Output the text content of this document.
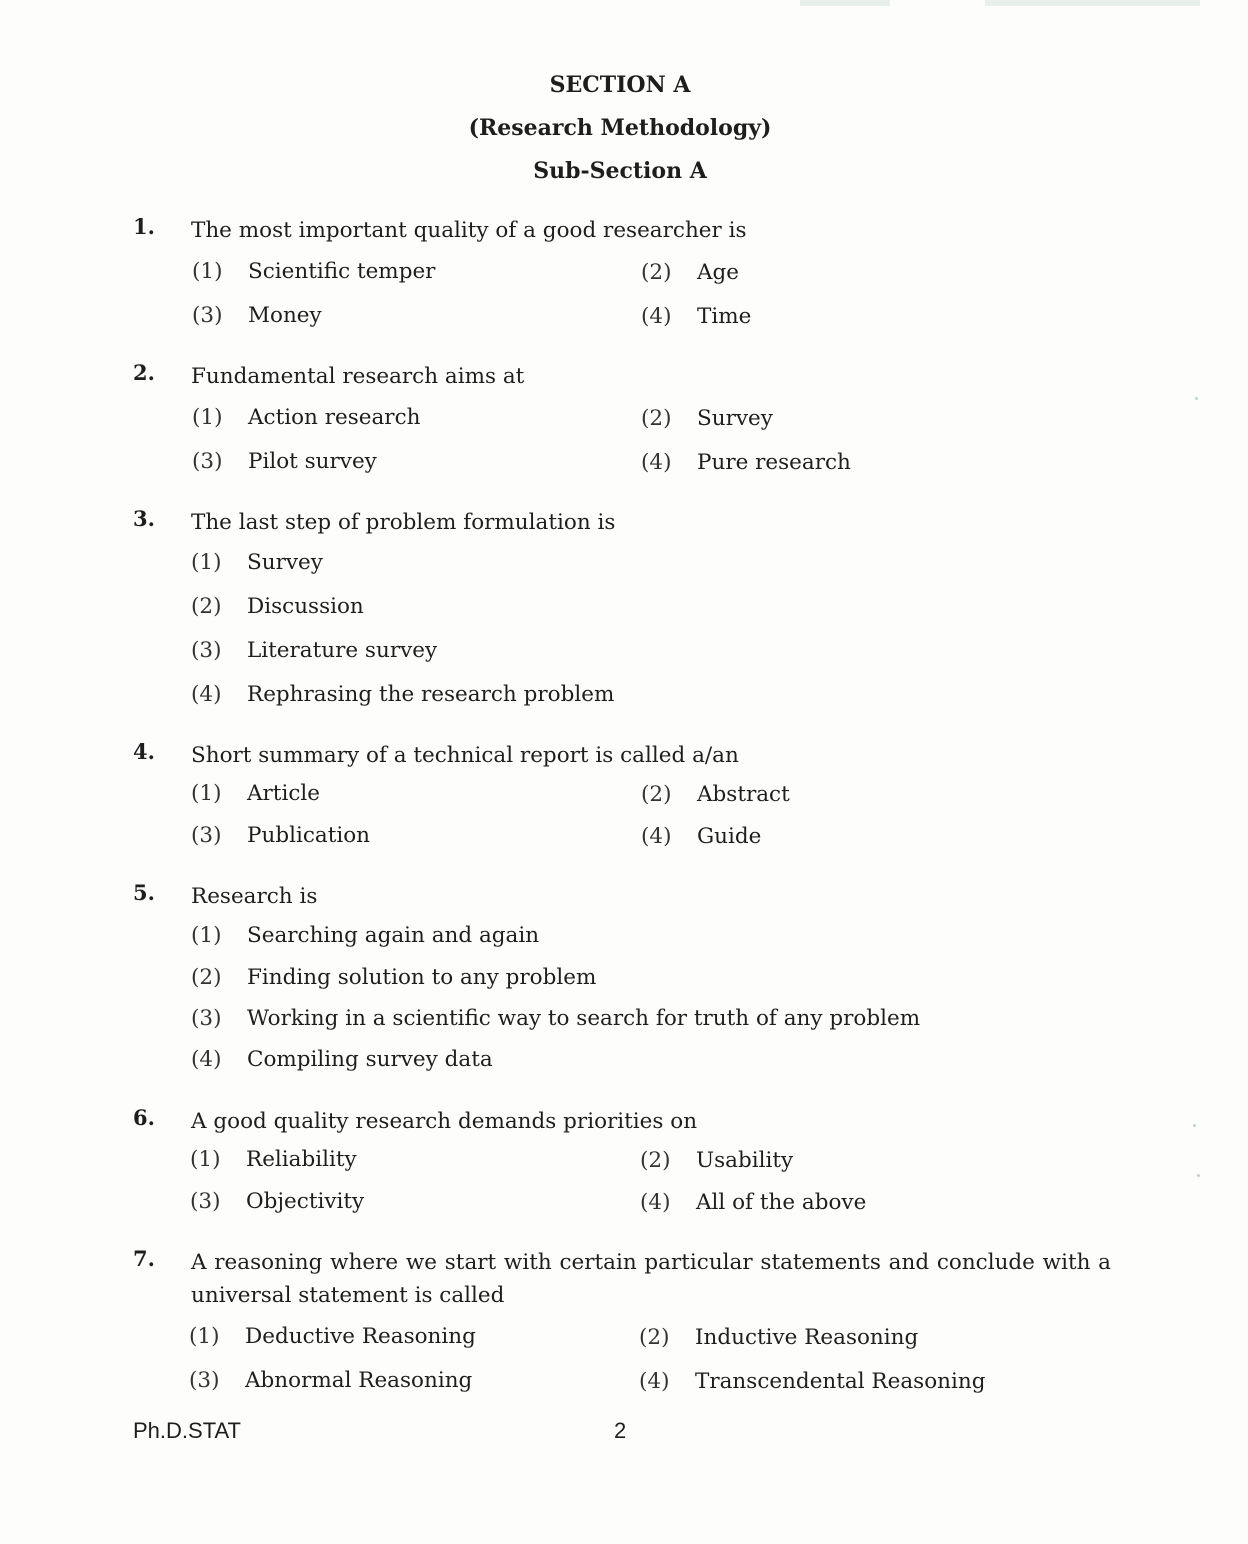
SECTION A
(Research Methodology)
Sub-Section A
1. The most important quality of a good researcher is
(1) Scientific temper	(2) Age
(3) Money	(4) Time
2. Fundamental research aims at
(1) Action research	(2) Survey
(3) Pilot survey	(4) Pure research
3. The last step of problem formulation is
(1) Survey
(2) Discussion
(3) Literature survey
(4) Rephrasing the research problem
4. Short summary of a technical report is called a/an
(1) Article	(2) Abstract
(3) Publication	(4) Guide
5. Research is
(1) Searching again and again
(2) Finding solution to any problem
(3) Working in a scientific way to search for truth of any problem
(4) Compiling survey data
6. A good quality research demands priorities on
(1) Reliability	(2) Usability
(3) Objectivity	(4) All of the above
7. A reasoning where we start with certain particular statements and conclude with a universal statement is called
(1) Deductive Reasoning	(2) Inductive Reasoning
(3) Abnormal Reasoning	(4) Transcendental Reasoning
Ph.D.STAT	2
